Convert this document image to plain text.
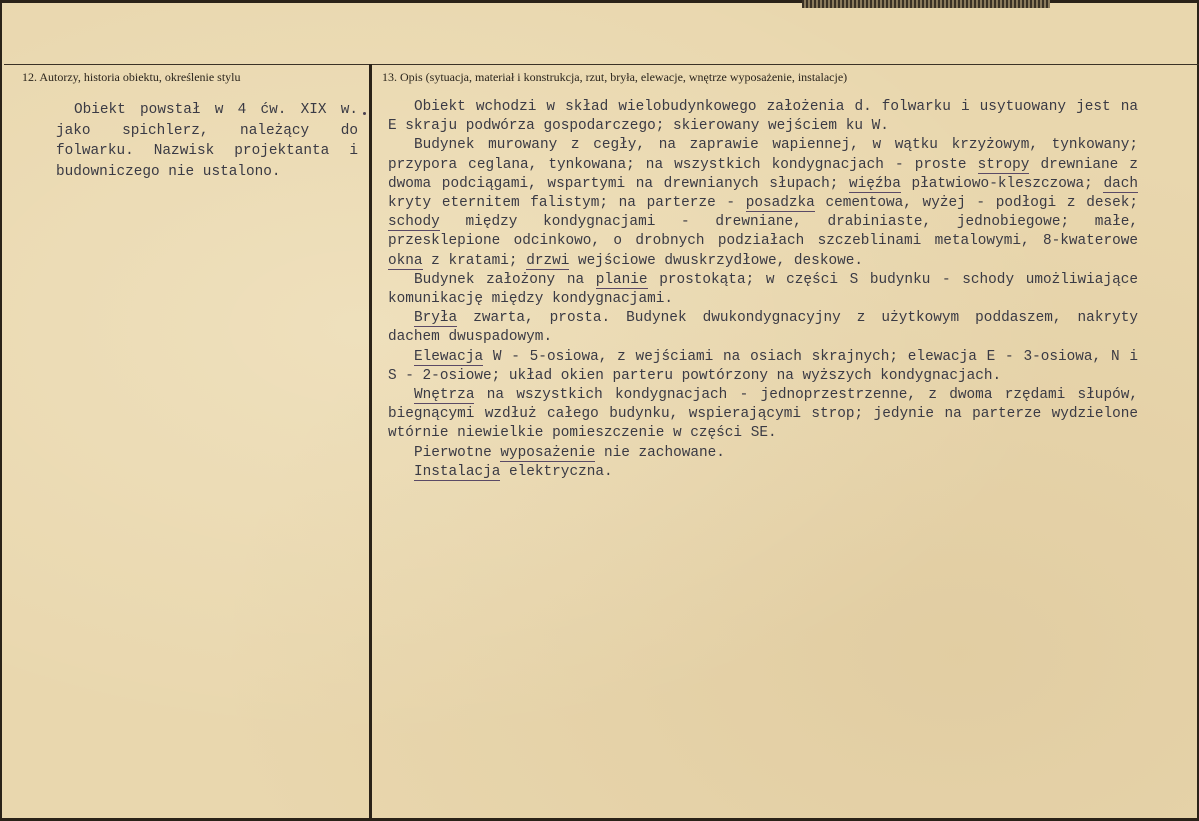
12. Autorzy, historia obiektu, określenie stylu

Obiekt powstał w 4 ćw. XIX w. jako spichlerz, należący do folwarku. Nazwisk projektanta i budowniczego nie ustalono.

13. Opis (sytuacja, materiał i konstrukcja, rzut, bryła, elewacje, wnętrze wyposażenie, instalacje)

Obiekt wchodzi w skład wielobudynkowego założenia d. folwarku i usytuowany jest na E skraju podwórza gospodarczego; skierowany wejściem ku W.

Budynek murowany z cegły, na zaprawie wapiennej, w wątku krzyżowym, tynkowany; przypora ceglana, tynkowana; na wszystkich kondygnacjach - proste stropy drewniane z dwoma podciągami, wspartymi na drewnianych słupach; więźba płatwiowo-kleszczowa; dach kryty eternitem falistym; na parterze - posadzka cementowa, wyżej - podłogi z desek; schody między kondygnacjami - drewniane, drabiniaste, jednobiegowe; małe, przesklepione odcinkowo, o drobnych podziałach szczeblinami metalowymi, 8-kwaterowe okna z kratami; drzwi wejściowe dwuskrzydłowe, deskowe.

Budynek założony na planie prostokąta; w części S budynku - schody umożliwiające komunikację między kondygnacjami.

Bryła zwarta, prosta. Budynek dwukondygnacyjny z użytkowym poddaszem, nakryty dachem dwuspadowym.

Elewacja W - 5-osiowa, z wejściami na osiach skrajnych; elewacja E - 3-osiowa, N i S - 2-osiowe; układ okien parteru powtórzony na wyższych kondygnacjach.

Wnętrza na wszystkich kondygnacjach - jednoprzestrzenne, z dwoma rzędami słupów, biegnącymi wzdłuż całego budynku, wspierającymi strop; jedynie na parterze wydzielone wtórnie niewielkie pomieszczenie w części SE.

Pierwotne wyposażenie nie zachowane.

Instalacja elektryczna.
